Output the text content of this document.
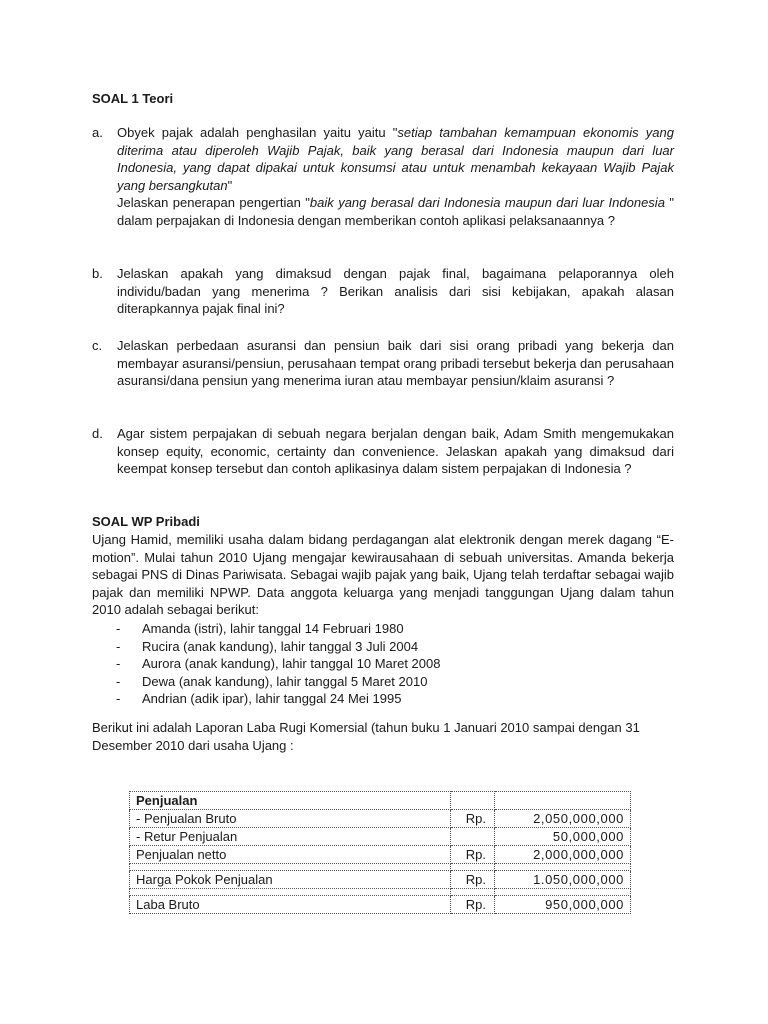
SOAL 1 Teori
a. Obyek pajak adalah penghasilan yaitu yaitu "setiap tambahan kemampuan ekonomis yang diterima atau diperoleh Wajib Pajak, baik yang berasal dari Indonesia maupun dari luar Indonesia, yang dapat dipakai untuk konsumsi atau untuk menambah kekayaan Wajib Pajak yang bersangkutan"

Jelaskan penerapan pengertian "baik yang berasal dari Indonesia maupun dari luar Indonesia " dalam perpajakan di Indonesia dengan memberikan contoh aplikasi pelaksanaannya ?

b. Jelaskan apakah yang dimaksud dengan pajak final, bagaimana pelaporannya oleh individu/badan yang menerima ? Berikan analisis dari sisi kebijakan, apakah alasan diterapkannya pajak final ini?
c. Jelaskan perbedaan asuransi dan pensiun baik dari sisi orang pribadi yang bekerja dan membayar asuransi/pensiun, perusahaan tempat orang pribadi tersebut bekerja dan perusahaan asuransi/dana pensiun yang menerima iuran atau membayar pensiun/klaim asuransi ?
d. Agar sistem perpajakan di sebuah negara berjalan dengan baik, Adam Smith mengemukakan konsep equity, economic, certainty dan convenience. Jelaskan apakah yang dimaksud dari keempat konsep tersebut dan contoh aplikasinya dalam sistem perpajakan di Indonesia ?
SOAL WP Pribadi
Ujang Hamid, memiliki usaha dalam bidang perdagangan alat elektronik dengan merek dagang “E-motion”. Mulai tahun 2010 Ujang mengajar kewirausahaan di sebuah universitas. Amanda bekerja sebagai PNS di Dinas Pariwisata. Sebagai wajib pajak yang baik, Ujang telah terdaftar sebagai wajib pajak dan memiliki NPWP. Data anggota keluarga yang menjadi tanggungan Ujang dalam tahun 2010 adalah sebagai berikut:
- Amanda (istri), lahir tanggal 14 Februari 1980
- Rucira (anak kandung), lahir tanggal 3 Juli 2004
- Aurora (anak kandung), lahir tanggal 10 Maret 2008
- Dewa (anak kandung), lahir tanggal 5 Maret 2010
- Andrian (adik ipar), lahir tanggal 24 Mei 1995
Berikut ini adalah Laporan Laba Rugi Komersial (tahun buku 1 Januari 2010 sampai dengan 31 Desember 2010 dari usaha Ujang :
Penjualan		
- Penjualan Bruto	Rp.	2,050,000,000
- Retur Penjualan		50,000,000
Penjualan netto	Rp.	2,000,000,000

Harga Pokok Penjualan	Rp.	1.050,000,000

Laba Bruto	Rp.	950,000,000
